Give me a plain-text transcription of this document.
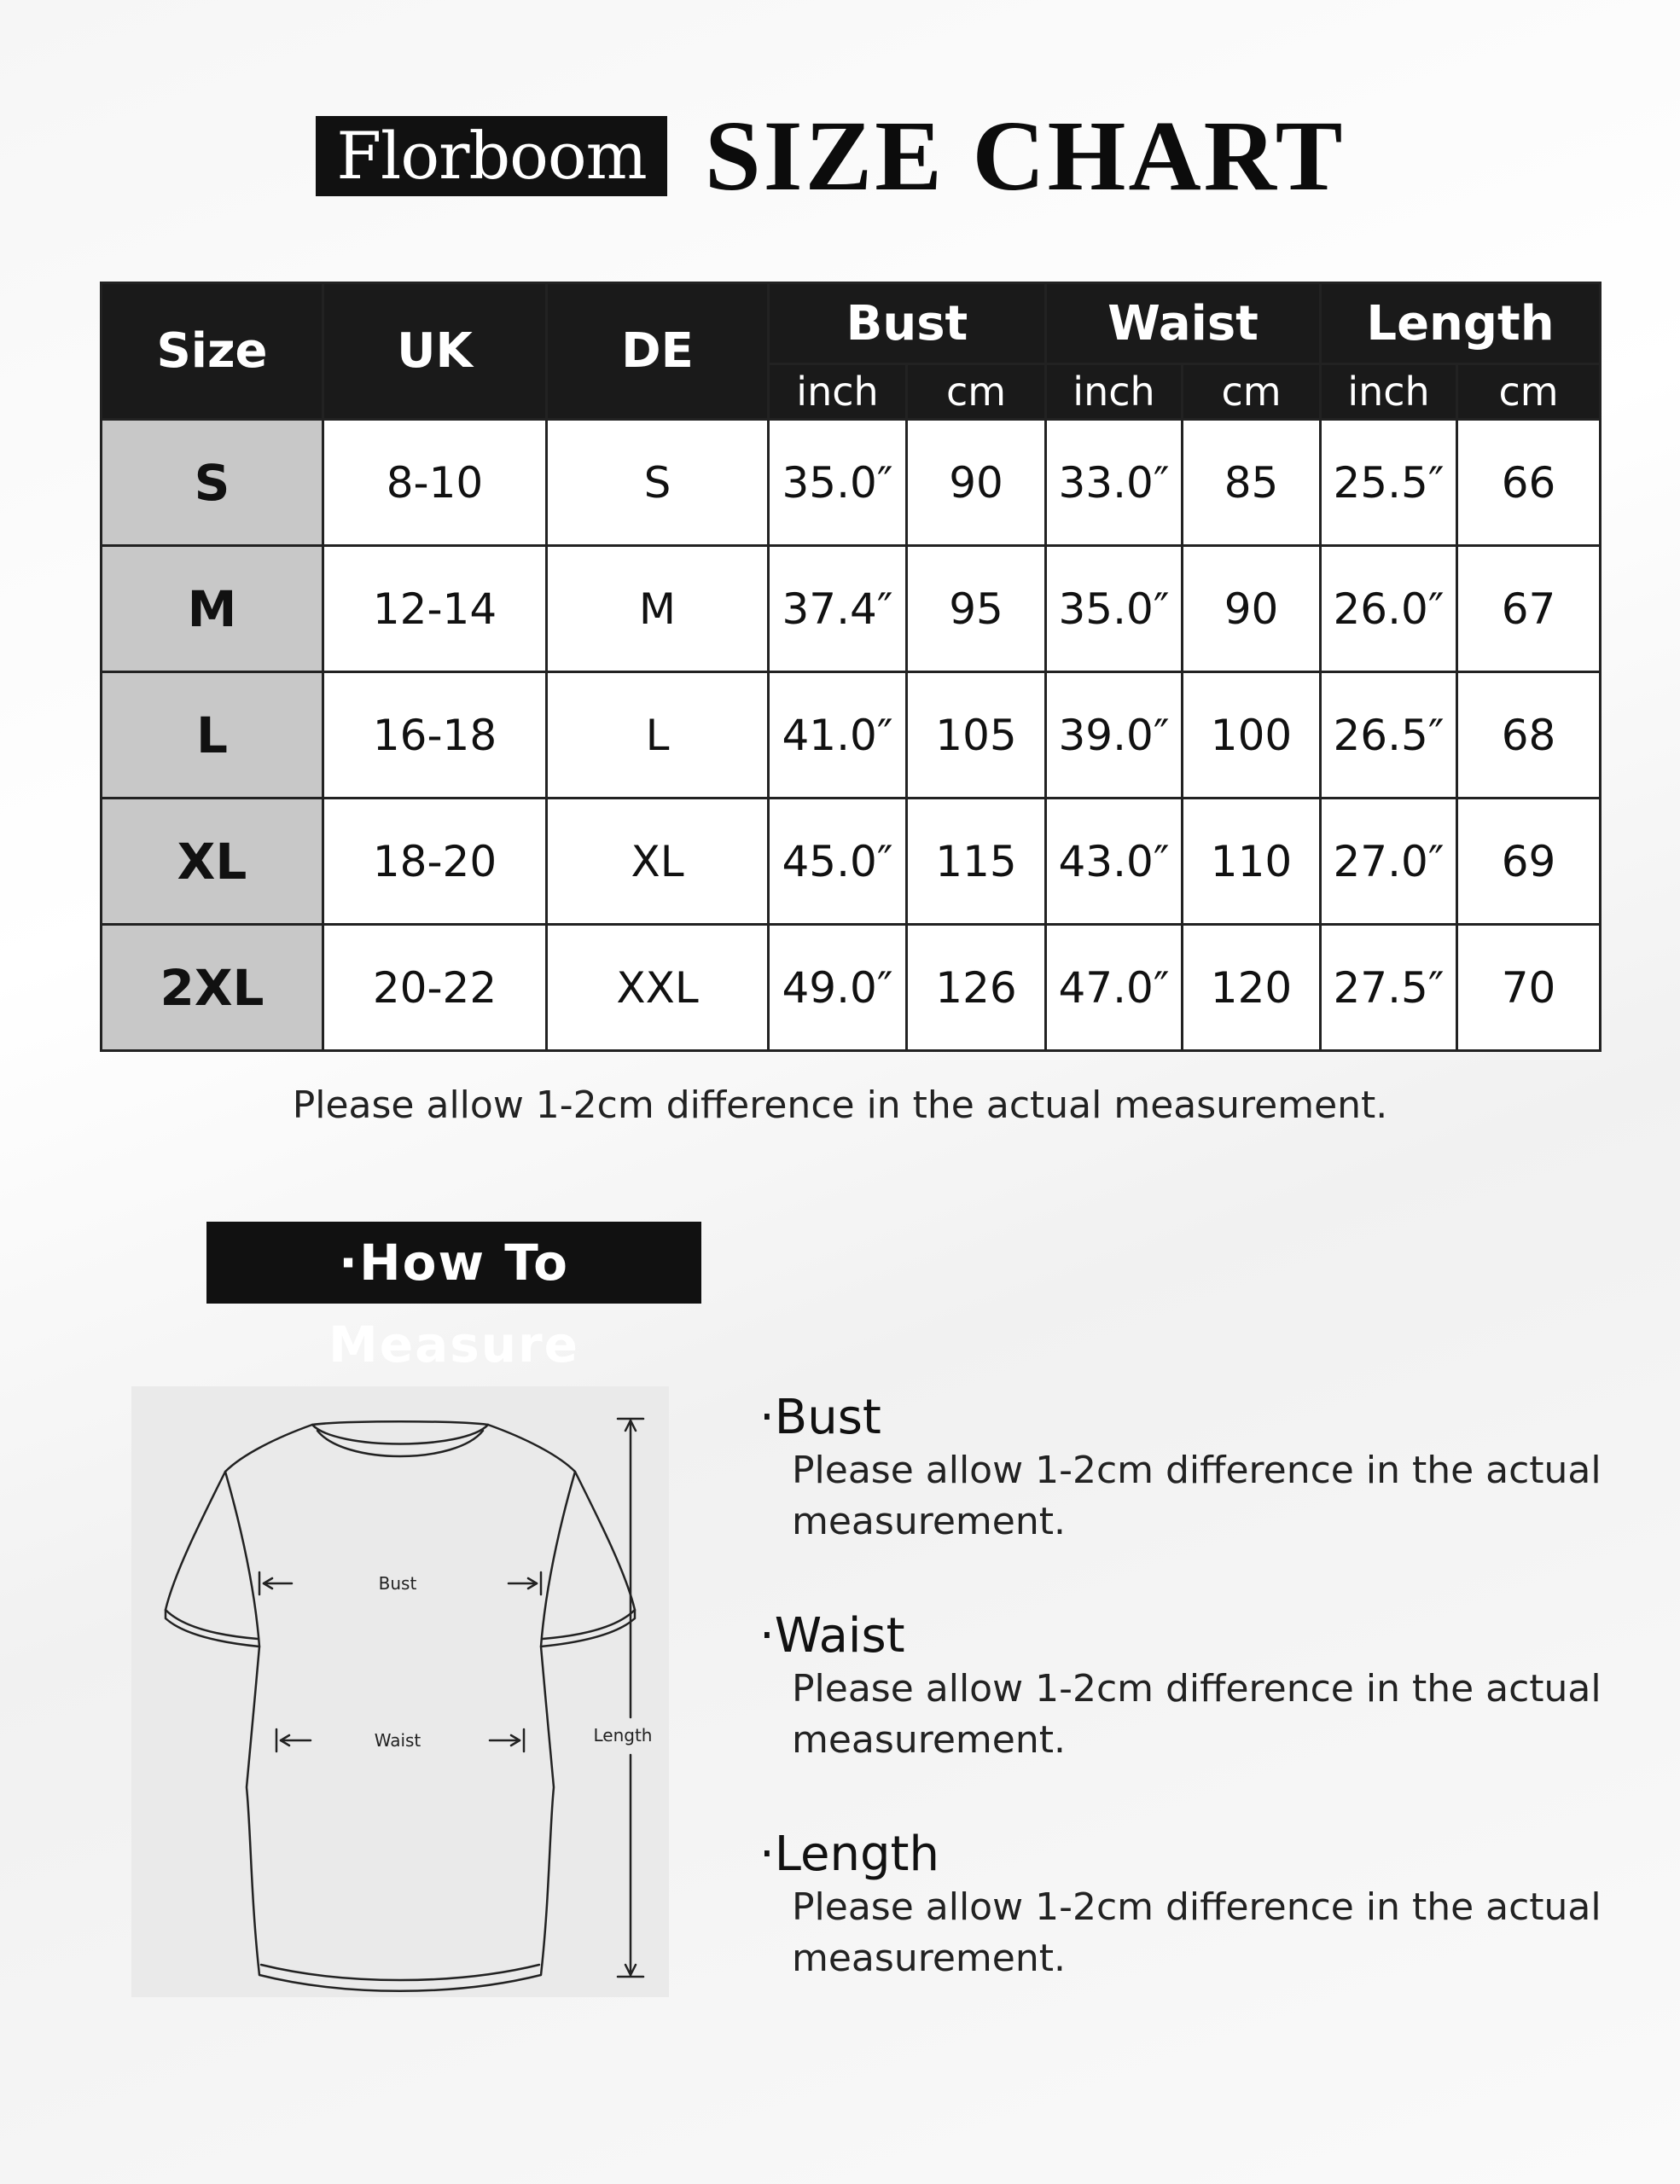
Florboom SIZE CHART
Size	UK	DE	Bust		Waist		Length	
			inch	cm	inch	cm	inch	cm
S	8-10	S	35.0″	90	33.0″	85	25.5″	66
M	12-14	M	37.4″	95	35.0″	90	26.0″	67
L	16-18	L	41.0″	105	39.0″	100	26.5″	68
XL	18-20	XL	45.0″	115	43.0″	110	27.0″	69
2XL	20-22	XXL	49.0″	126	47.0″	120	27.5″	70
Please allow 1-2cm difference in the actual measurement.
·How To Measure
Bust
Waist	Length
·Bust
Please allow 1-2cm difference in the actual
measurement.
·Waist
Please allow 1-2cm difference in the actual
measurement.
·Length
Please allow 1-2cm difference in the actual
measurement.
